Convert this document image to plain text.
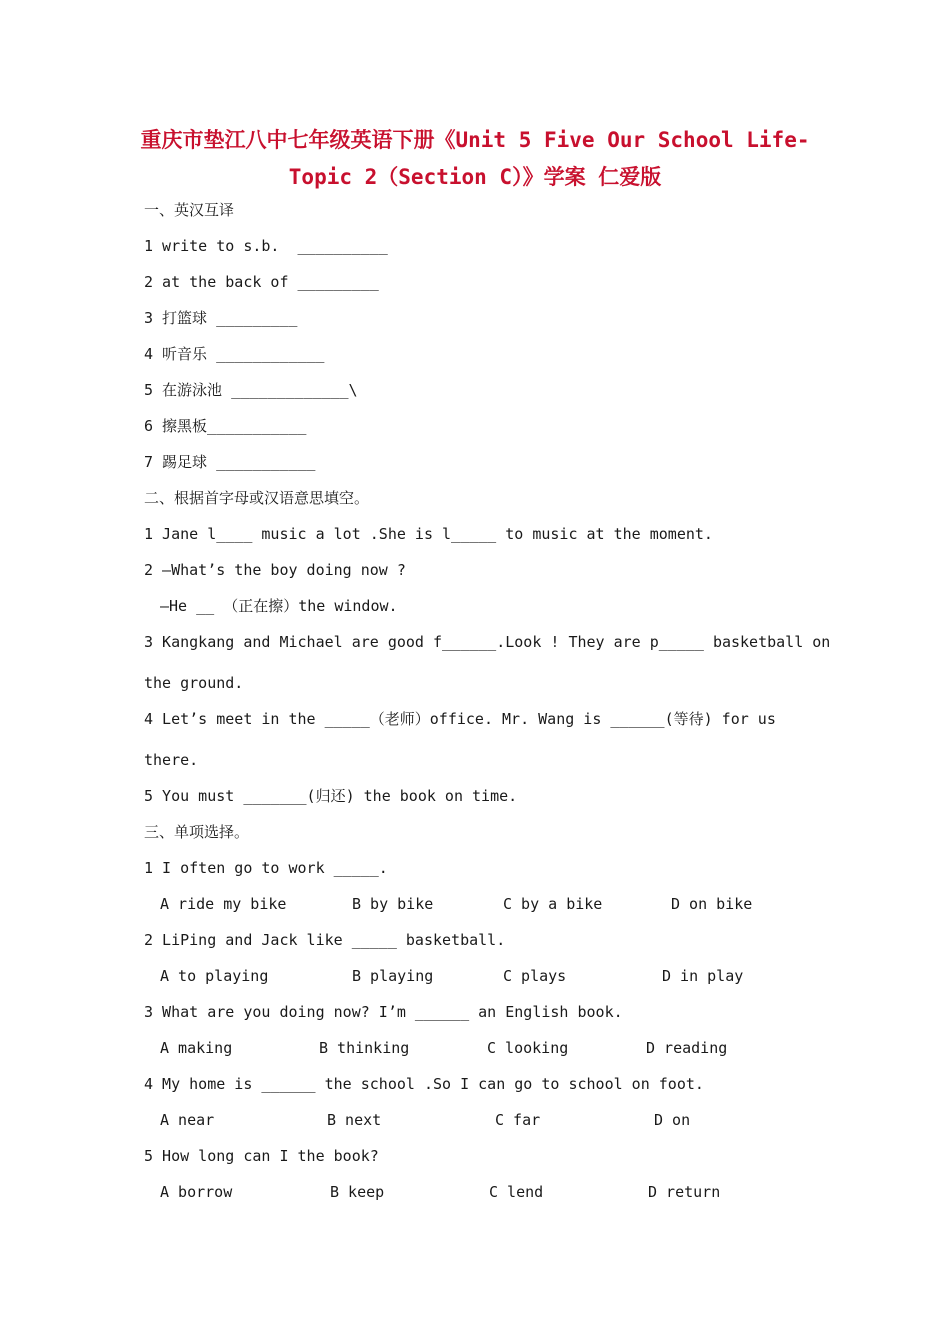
重庆市垫江八中七年级英语下册《Unit 5 Five Our School Life-
Topic 2（Section C）》学案 仁爱版
一、英汉互译
1 write to s.b.  __________
2 at the back of _________
3 打篮球 _________
4 听音乐 ____________
5 在游泳池 _____________\
6 擦黑板___________
7 踢足球 ___________
二、根据首字母或汉语意思填空。
1 Jane l____ music a lot .She is l_____ to music at the moment.
2 —What’s the boy doing now ?
—He __ （正在擦）the window.
3 Kangkang and Michael are good f______.Look ! They are p_____ basketball on
the ground.
4 Let’s meet in the _____（老师）office. Mr. Wang is ______(等待) for us
there.
5 You must _______(归还) the book on time.
三、单项选择。
1 I often go to work _____.
A ride my bike	B by bike	C by a bike	D on bike
2 LiPing and Jack like _____ basketball.
A to playing	B playing	C plays	D in play
3 What are you doing now? I’m ______ an English book.
A making	B thinking	C looking	D reading
4 My home is ______ the school .So I can go to school on foot.
A near	B next	C far	D on
5 How long can I the book?
A borrow	B keep	C lend	D return
